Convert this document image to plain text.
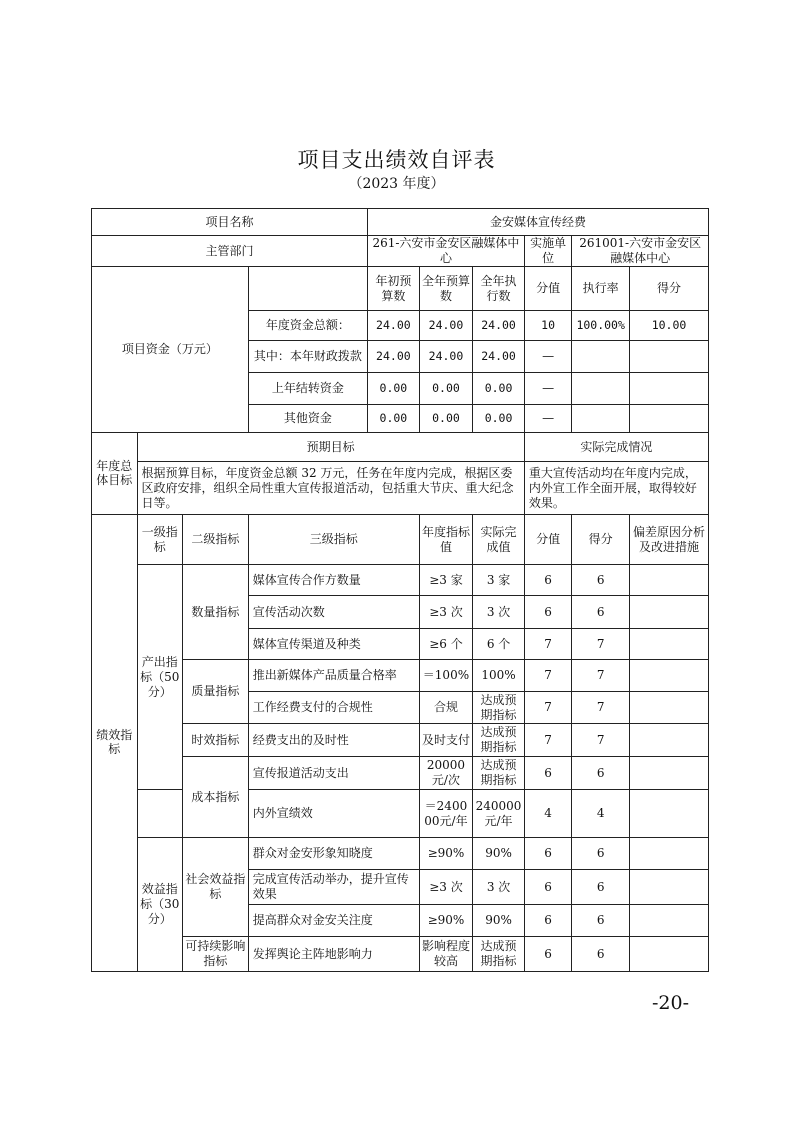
项目支出绩效自评表
（2023 年度）
项目名称				金安媒体宣传经费					
主管部门				261-六安市金安区融媒体中心			实施单位	261001-六安市金安区融媒体中心	
项目资金（万元）				年初预算数	全年预算数	全年执行数	分值	执行率	得分
			年度资金总额：	24.00	24.00	24.00	10	100.00%	10.00
			其中：本年财政拨款	24.00	24.00	24.00	—		
			上年结转资金	0.00	0.00	0.00	—		
			其他资金	0.00	0.00	0.00	—		
年度总体目标	预期目标						实际完成情况		
	根据预算目标，年度资金总额 32 万元，任务在年度内完成，根据区委区政府安排，组织全局性重大宣传报道活动，包括重大节庆、重大纪念日等。						重大宣传活动均在年度内完成，内外宣工作全面开展，取得较好效果。		
绩效指标	一级指标	二级指标	三级指标		年度指标值	实际完成值	分值	得分	偏差原因分析及改进措施
	产出指标（50分）	数量指标	媒体宣传合作方数量		≥3 家	3 家	6	6	
			宣传活动次数		≥3 次	3 次	6	6	
			媒体宣传渠道及种类		≥6 个	6 个	7	7	
		质量指标	推出新媒体产品质量合格率		＝100%	100%	7	7	
			工作经费支付的合规性		合规	达成预期指标	7	7	
		时效指标	经费支出的及时性		及时支付	达成预期指标	7	7	
		成本指标	宣传报道活动支出		20000元/次	达成预期指标	6	6	
			内外宣绩效		＝240000元/年	240000元/年	4	4	
	效益指标（30分）	社会效益指标	群众对金安形象知晓度		≥90%	90%	6	6	
			完成宣传活动举办，提升宣传效果		≥3 次	3 次	6	6	
			提高群众对金安关注度		≥90%	90%	6	6	
		可持续影响指标	发挥舆论主阵地影响力		影响程度较高	达成预期指标	6	6	
-20-
